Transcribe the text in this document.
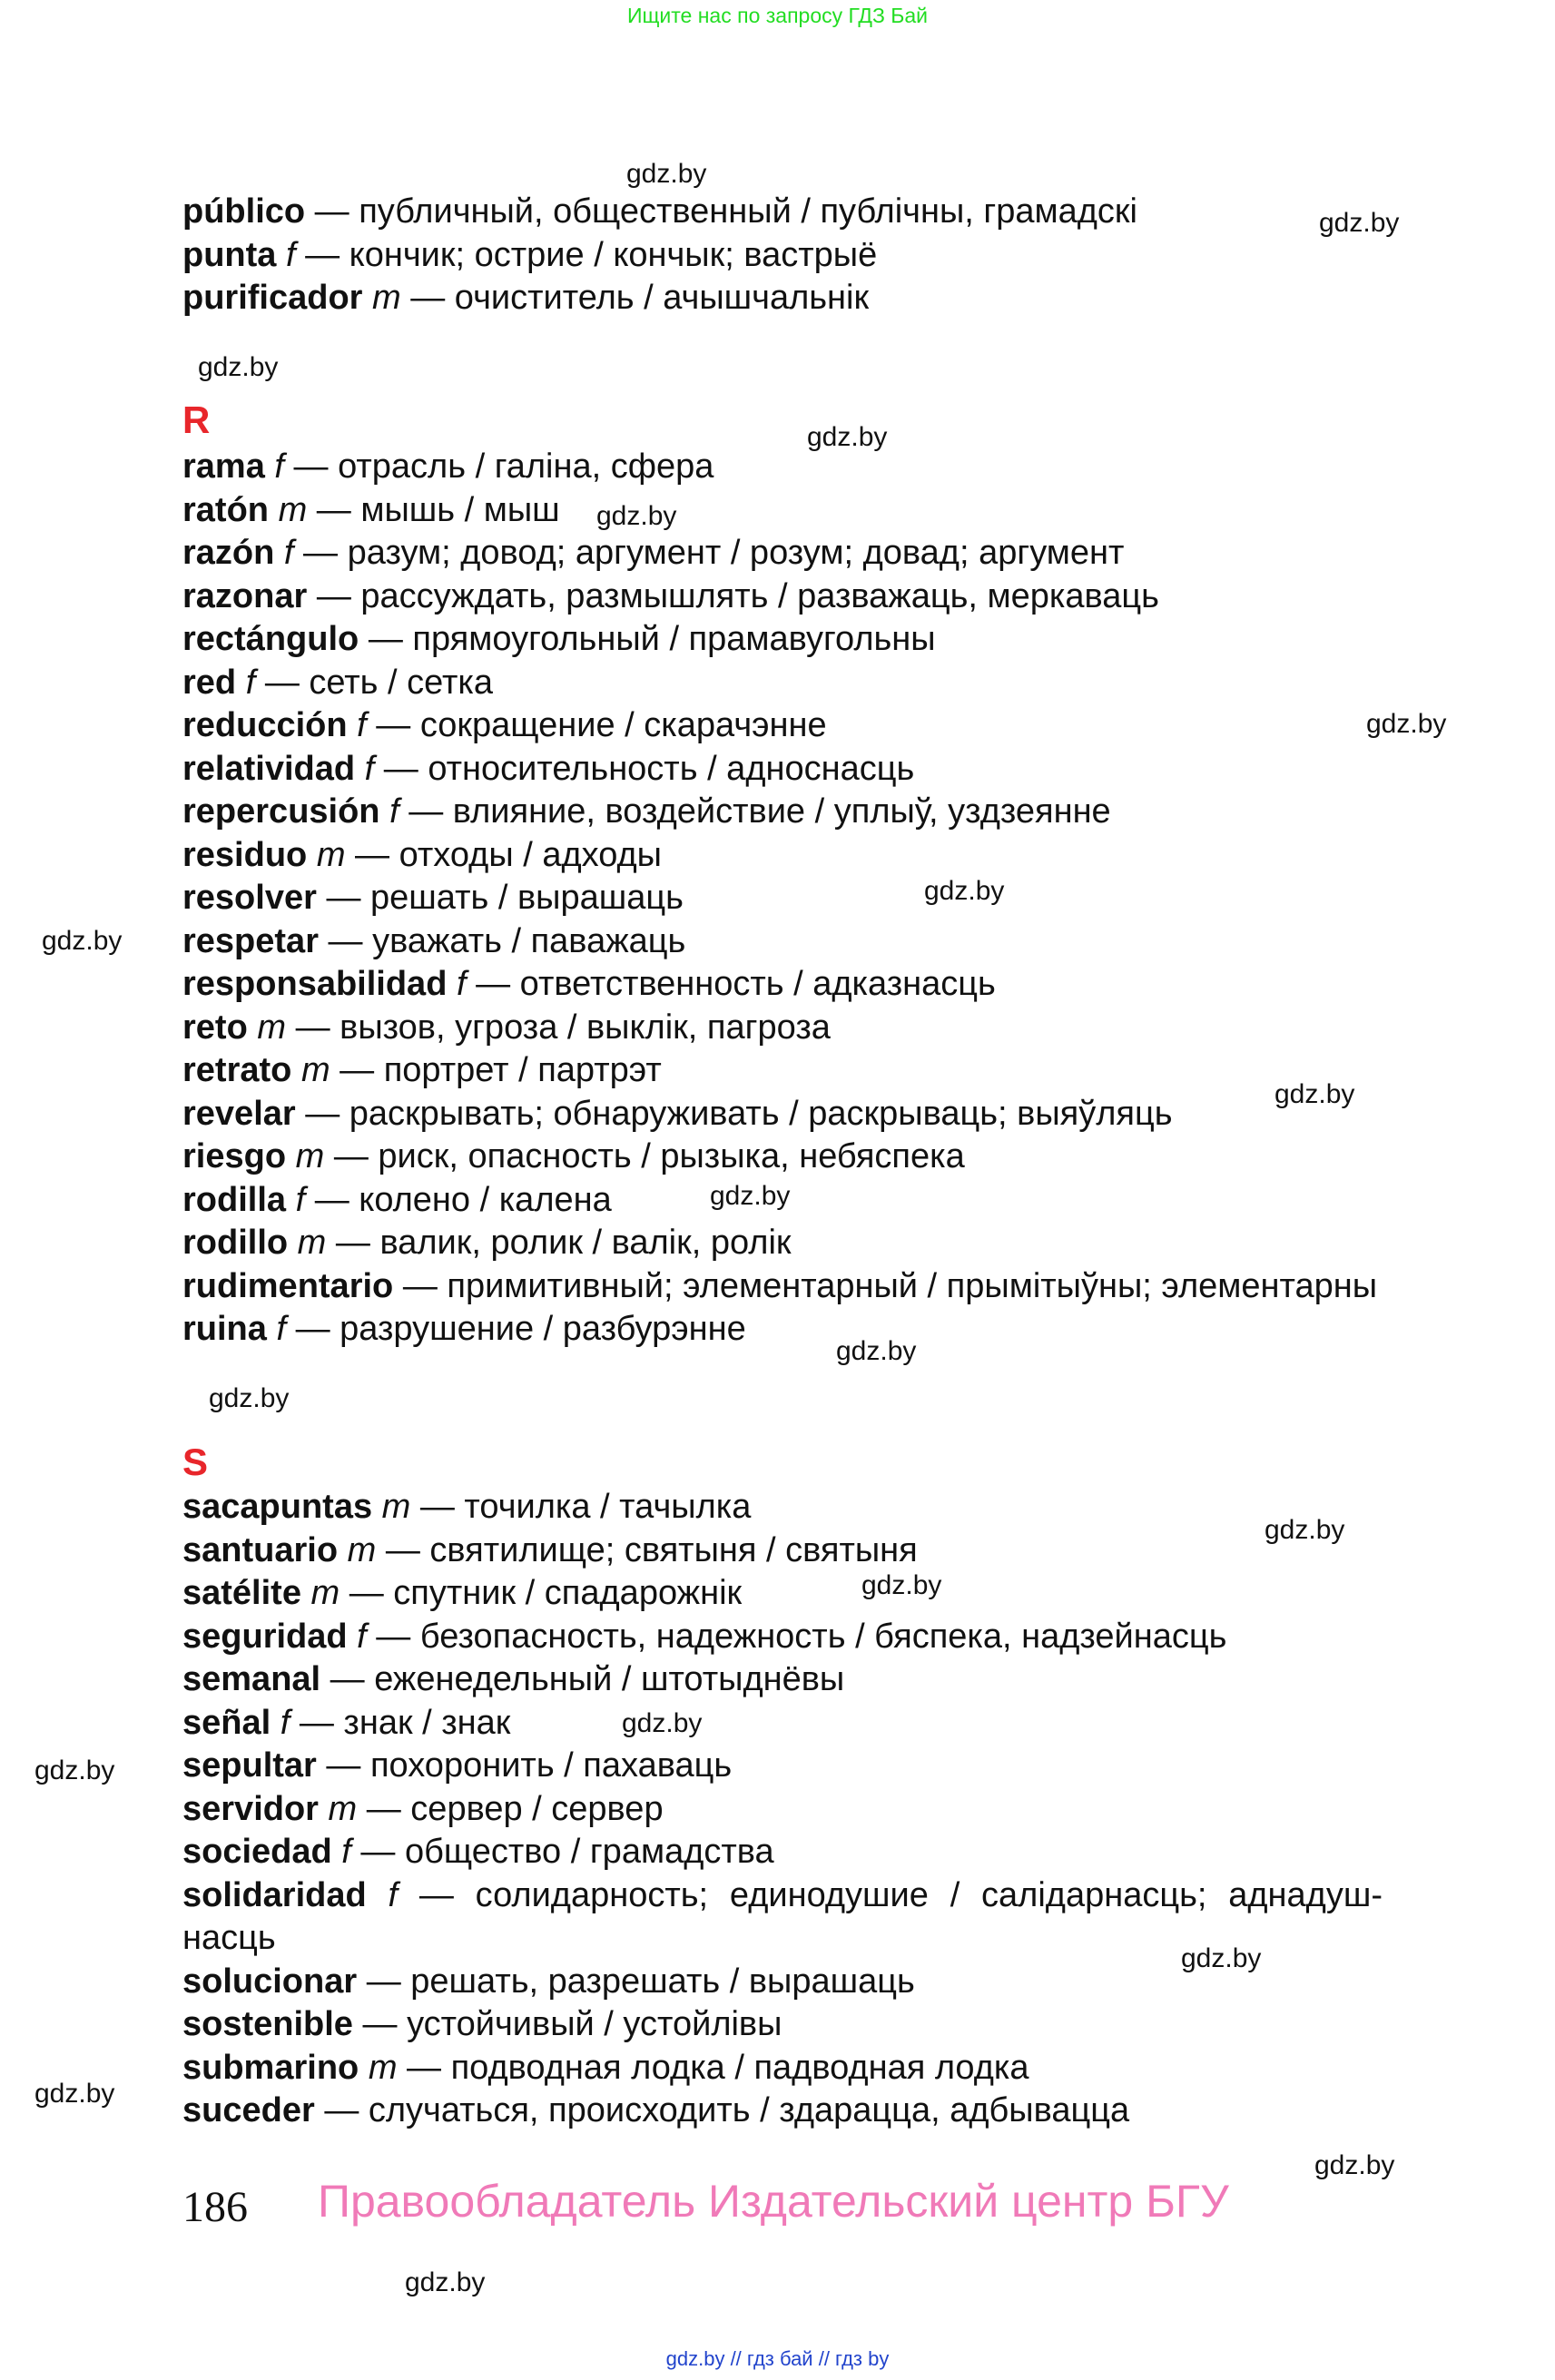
Ищите нас по запросу ГДЗ Бай
público — публичный, общественный / публічны, грамадскі
punta f — кончик; острие / кончык; вастрыё
purificador m — очиститель / ачышчальнік
R
rama f — отрасль / галіна, сфера
ratón m — мышь / мыш
razón f — разум; довод; аргумент / розум; довад; аргумент
razonar — рассуждать, размышлять / разважаць, меркаваць
rectángulo — прямоугольный / прамавугольны
red f — сеть / сетка
reducción f — сокращение / скарачэнне
relatividad f — относительность / адноснасць
repercusión f — влияние, воздействие / уплыў, уздзеянне
residuo m — отходы / адходы
resolver — решать / вырашаць
respetar — уважать / паважаць
responsabilidad f — ответственность / адказнасць
reto m — вызов, угроза / выклік, пагроза
retrato m — портрет / партрэт
revelar — раскрывать; обнаруживать / раскрываць; выяўляць
riesgo m — риск, опасность / рызыка, небяспека
rodilla f — колено / калена
rodillo m — валик, ролик / валік, ролік
rudimentario — примитивный; элементарный / прымітыўны; элементарны
ruina f — разрушение / разбурэнне
S
sacapuntas m — точилка / тачылка
santuario m — святилище; святыня / святыня
satélite m — спутник / спадарожнік
seguridad f — безопасность, надежность / бяспека, надзейнасць
semanal — еженедельный / штотыднёвы
señal f — знак / знак
sepultar — похоронить / пахаваць
servidor m — сервер / сервер
sociedad f — общество / грамадства
solidaridad f — солидарность; единодушие / салідарнасць; аднадуш-
насць
solucionar — решать, разрешать / вырашаць
sostenible — устойчивый / устойлівы
submarino m — подводная лодка / падводная лодка
suceder — случаться, происходить / здарацца, адбывацца
gdz.by
gdz.by
gdz.by
gdz.by
gdz.by
gdz.by
gdz.by
gdz.by
gdz.by
gdz.by
gdz.by
gdz.by
gdz.by
gdz.by
gdz.by
gdz.by
gdz.by
gdz.by
gdz.by
gdz.by
186 Правообладатель Издательский центр БГУ
gdz.by // гдз бай // гдз by
